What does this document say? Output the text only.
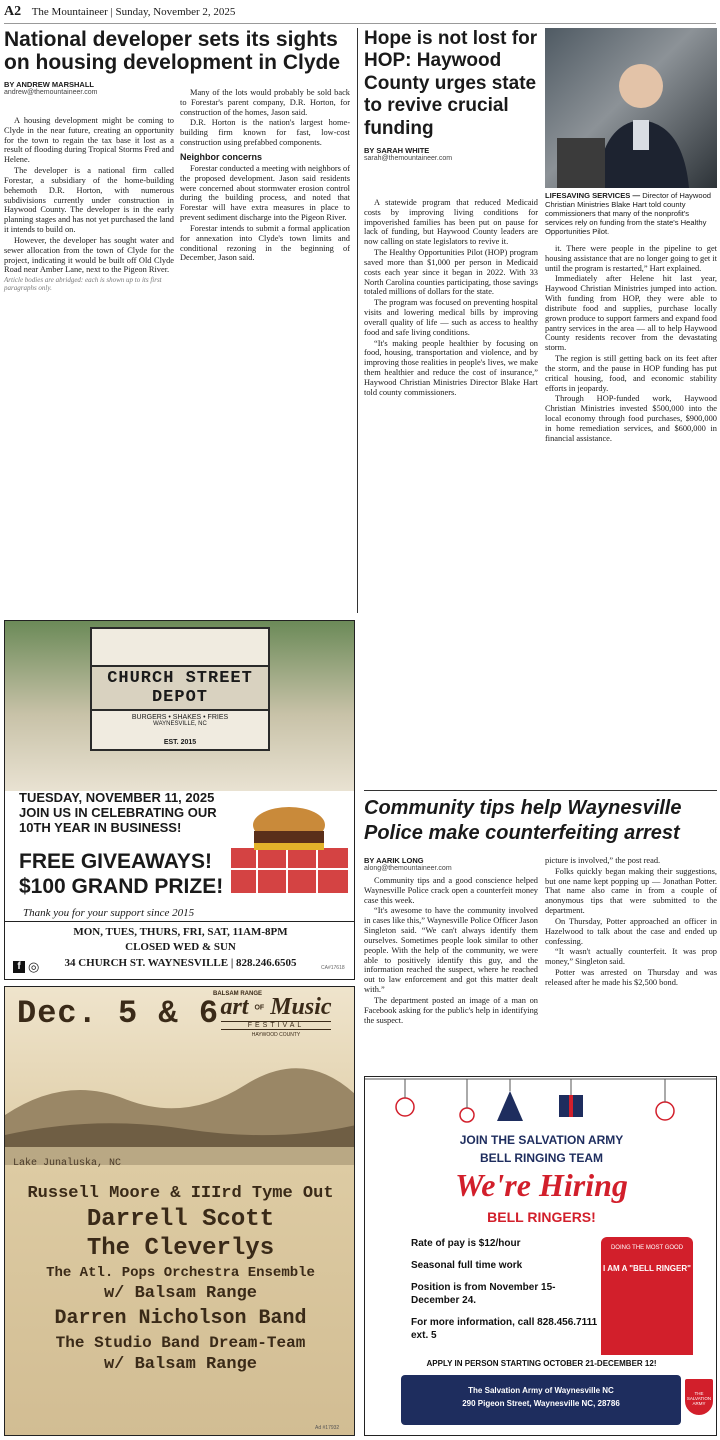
A2 The Mountaineer | Sunday, November 2, 2025
National developer sets its sights on housing development in Clyde
BY ANDREW MARSHALL
andrew@themountaineer.com

A housing development might be coming to Clyde in the near future, creating an opportunity for the town to regain the tax base it lost as a result of flooding during Tropical Storms Fred and Helene.

The developer is a national firm called Forestar, a subsidiary of the home-building behemoth D.R. Horton, with numerous subdivisions currently under construction in Haywood County. The developer is in the early planning stages and has not yet purchased the land it intends to build on.

However, the developer has sought water and sewer allocation from the town of Clyde for the project, indicating it would be built off Old Clyde Road near Amber Lane, next to the Pigeon River.

Article bodies are abridged: each is shown up to its first paragraphs only.

Many of the lots would probably be sold back to Forestar's parent company, D.R. Horton, for construction of the homes, Jason said.

D.R. Horton is the nation's largest home-building firm known for fast, low-cost construction using prefabbed components.

Neighbor concerns

Forestar conducted a meeting with neighbors of the proposed development. Jason said residents were concerned about stormwater erosion control during the building process, and noted that Forestar will have extra measures in place to prevent sediment discharge into the Pigeon River.

Forestar intends to submit a formal application for annexation into Clyde's town limits and conditional rezoning in the beginning of December, Jason said.

Hope is not lost for HOP: Haywood County urges state to revive crucial funding
BY SARAH WHITE
sarah@themountaineer.com
LIFESAVING SERVICES — Director of Haywood Christian Ministries Blake Hart told county commissioners that many of the nonprofit's services rely on funding from the state's Healthy Opportunities Pilot.

A statewide program that reduced Medicaid costs by improving living conditions for impoverished families has been put on pause for lack of funding, but Haywood County leaders are now calling on state legislators to revive it.

The Healthy Opportunities Pilot (HOP) program saved more than $1,000 per person in Medicaid costs each year since it began in 2022. With 33 North Carolina counties participating, those savings totaled millions of dollars for the state.

The program was focused on preventing hospital visits and lowering medical bills by improving overall quality of life — such as access to healthy food and safe living conditions.

“It's making people healthier by focusing on food, housing, transportation and violence, and by improving those realities in people's lives, we make them healthier and reduce the cost of insurance,” Haywood Christian Ministries Director Blake Hart told county commissioners.

it. There were people in the pipeline to get housing assistance that are no longer going to get it until the program is restarted,” Hart explained.

Immediately after Helene hit last year, Haywood Christian Ministries jumped into action. With funding from HOP, they were able to distribute food and supplies, purchase locally grown produce to support farmers and expand food pantry services in the area — all to help Haywood County residents recover from the devastating storm.

The region is still getting back on its feet after the storm, and the pause in HOP funding has put critical housing, food, and economic stability efforts in jeopardy.

Through HOP-funded work, Haywood Christian Ministries invested $500,000 into the local economy through food purchases, $900,000 in home remediation services, and $600,000 in financial assistance.

CHURCH STREET DEPOT
BURGERS • SHAKES • FRIES
WAYNESVILLE, NC
EST. 2015
TUESDAY, NOVEMBER 11, 2025
JOIN US IN CELEBRATING OUR 10TH YEAR IN BUSINESS!
FREE GIVEAWAYS!
$100 GRAND PRIZE!
Thank you for your support since 2015
MON, TUES, THURS, FRI, SAT, 11AM-8PM
CLOSED WED & SUN
34 CHURCH ST. WAYNESVILLE | 828.246.6505
f ◎	CA#17618
Dec. 5 & 6
BALSAM RANGE
art OF Music
FESTIVAL
HAYWOOD COUNTY
Lake Junaluska, NC
Russell Moore & IIIrd Tyme Out
Darrell Scott
The Cleverlys
The Atl. Pops Orchestra Ensemble
w/ Balsam Range
Darren Nicholson Band
The Studio Band Dream-Team
w/ Balsam Range
Ad #17932
Community tips help Waynesville Police make counterfeiting arrest
BY AARIK LONG
along@themountaineer.com

Community tips and a good conscience helped Waynesville Police crack open a counterfeit money case this week.

“It's awesome to have the community involved in cases like this,” Waynesville Police Officer Jason Singleton said. “We can't always identify them ourselves. Sometimes people look similar to other people. With the help of the community, we were able to positively identify this guy, and the information reached the suspect, where he reached out to law enforcement and got this matter dealt with.”

The department posted an image of a man on Facebook asking for the public's help in identifying the suspect.

picture is involved,” the post read.

Folks quickly began making their suggestions, but one name kept popping up — Jonathan Potter. That name also came in from a couple of anonymous tips that were submitted to the department.

On Thursday, Potter approached an officer in Hazelwood to talk about the case and ended up confessing.

“It wasn't actually counterfeit. It was prop money,” Singleton said.

Potter was arrested on Thursday and was released after he made his $2,500 bond.

JOIN THE SALVATION ARMY
BELL RINGING TEAM
We're Hiring
BELL RINGERS!
Rate of pay is $12/hour
Seasonal full time work
Position is from November 15-December 24.
For more information, call 828.456.7111 ext. 5
DOING THE MOST GOOD
I AM A "BELL RINGER"
APPLY IN PERSON STARTING OCTOBER 21-DECEMBER 12!
The Salvation Army of Waynesville NC
290 Pigeon Street, Waynesville NC, 28786
THE SALVATION ARMY
